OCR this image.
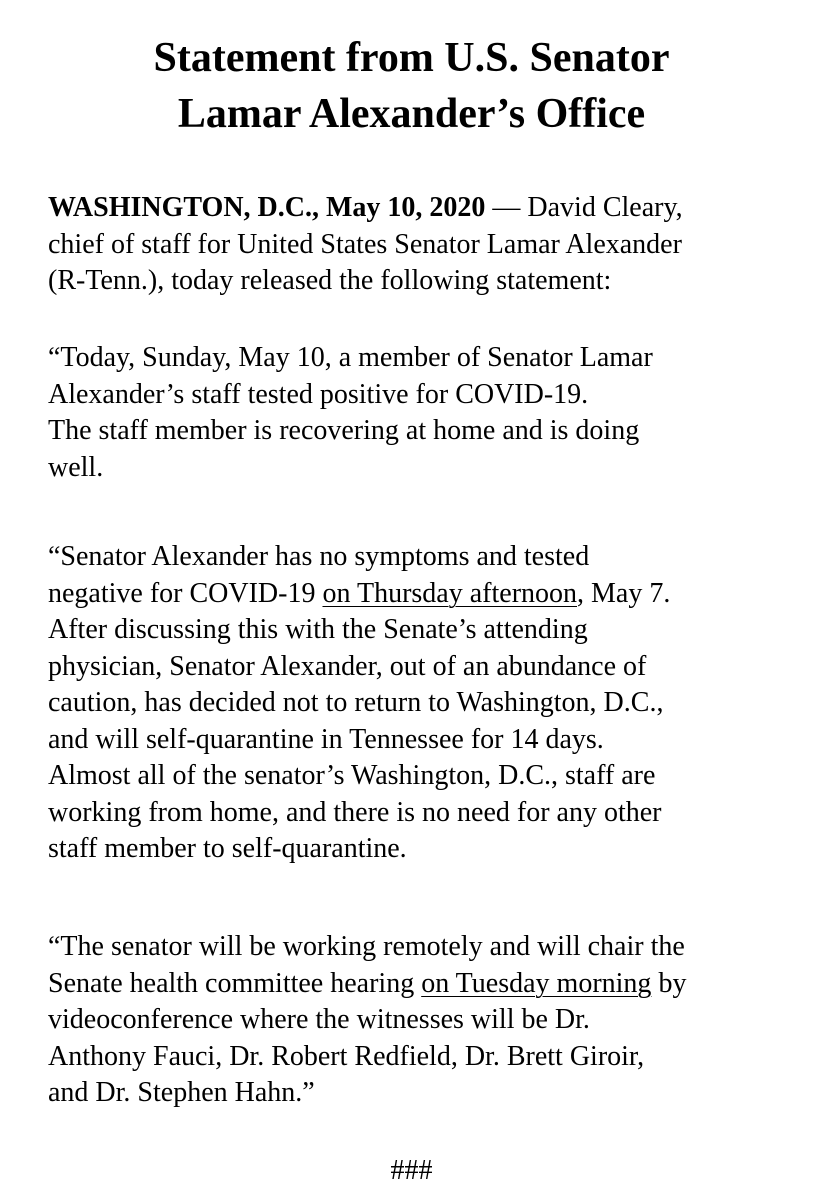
Statement from U.S. Senator
Lamar Alexander’s Office

WASHINGTON, D.C., May 10, 2020 — David Cleary,
chief of staff for United States Senator Lamar Alexander
(R-Tenn.), today released the following statement:

“Today, Sunday, May 10, a member of Senator Lamar
Alexander’s staff tested positive for COVID-19.
The staff member is recovering at home and is doing
well.

“Senator Alexander has no symptoms and tested
negative for COVID-19 on Thursday afternoon, May 7.
After discussing this with the Senate’s attending
physician, Senator Alexander, out of an abundance of
caution, has decided not to return to Washington, D.C.,
and will self-quarantine in Tennessee for 14 days.
Almost all of the senator’s Washington, D.C., staff are
working from home, and there is no need for any other
staff member to self-quarantine.

“The senator will be working remotely and will chair the
Senate health committee hearing on Tuesday morning by
videoconference where the witnesses will be Dr.
Anthony Fauci, Dr. Robert Redfield, Dr. Brett Giroir,
and Dr. Stephen Hahn.”

###
